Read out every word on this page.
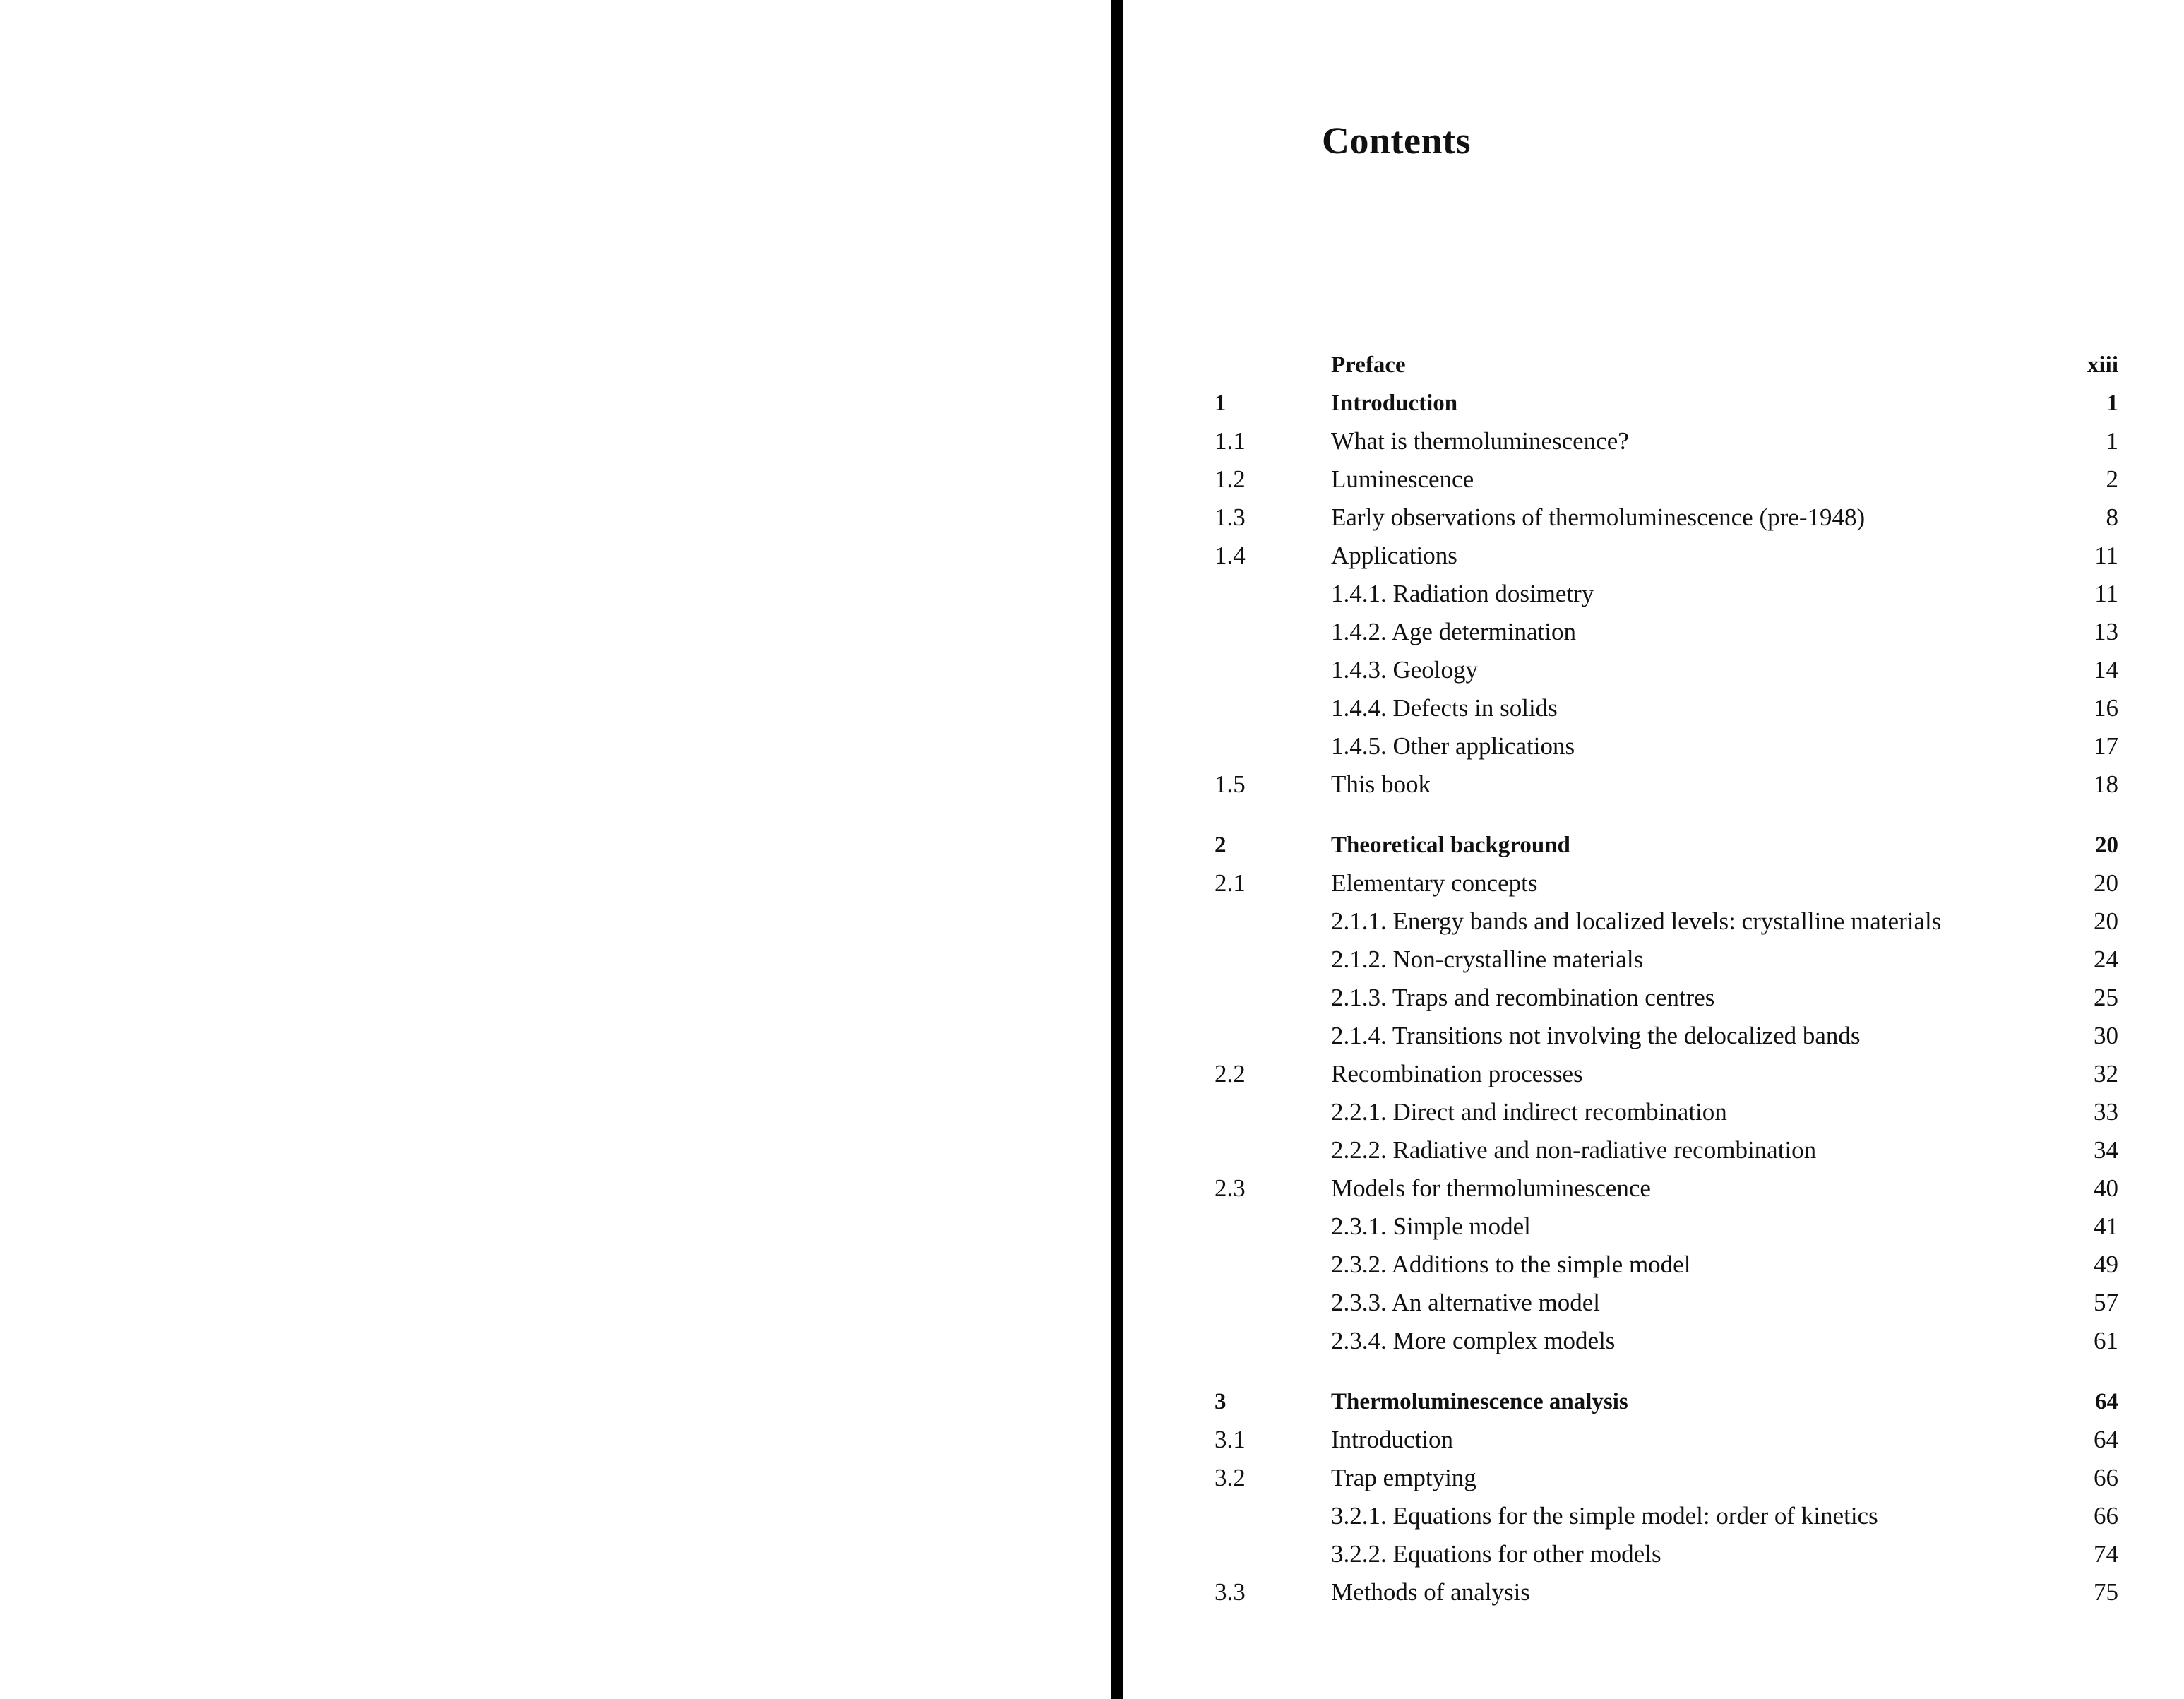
Contents
Preface	xiii
1	Introduction	1
1.1	What is thermoluminescence?	1
1.2	Luminescence	2
1.3	Early observations of thermoluminescence (pre-1948)	8
1.4	Applications	11
1.4.1. Radiation dosimetry	11
1.4.2. Age determination	13
1.4.3. Geology	14
1.4.4. Defects in solids	16
1.4.5. Other applications	17
1.5	This book	18
2	Theoretical background	20
2.1	Elementary concepts	20
2.1.1. Energy bands and localized levels: crystalline materials	20
2.1.2. Non-crystalline materials	24
2.1.3. Traps and recombination centres	25
2.1.4. Transitions not involving the delocalized bands	30
2.2	Recombination processes	32
2.2.1. Direct and indirect recombination	33
2.2.2. Radiative and non-radiative recombination	34
2.3	Models for thermoluminescence	40
2.3.1. Simple model	41
2.3.2. Additions to the simple model	49
2.3.3. An alternative model	57
2.3.4. More complex models	61
3	Thermoluminescence analysis	64
3.1	Introduction	64
3.2	Trap emptying	66
3.2.1. Equations for the simple model: order of kinetics	66
3.2.2. Equations for other models	74
3.3	Methods of analysis	75
